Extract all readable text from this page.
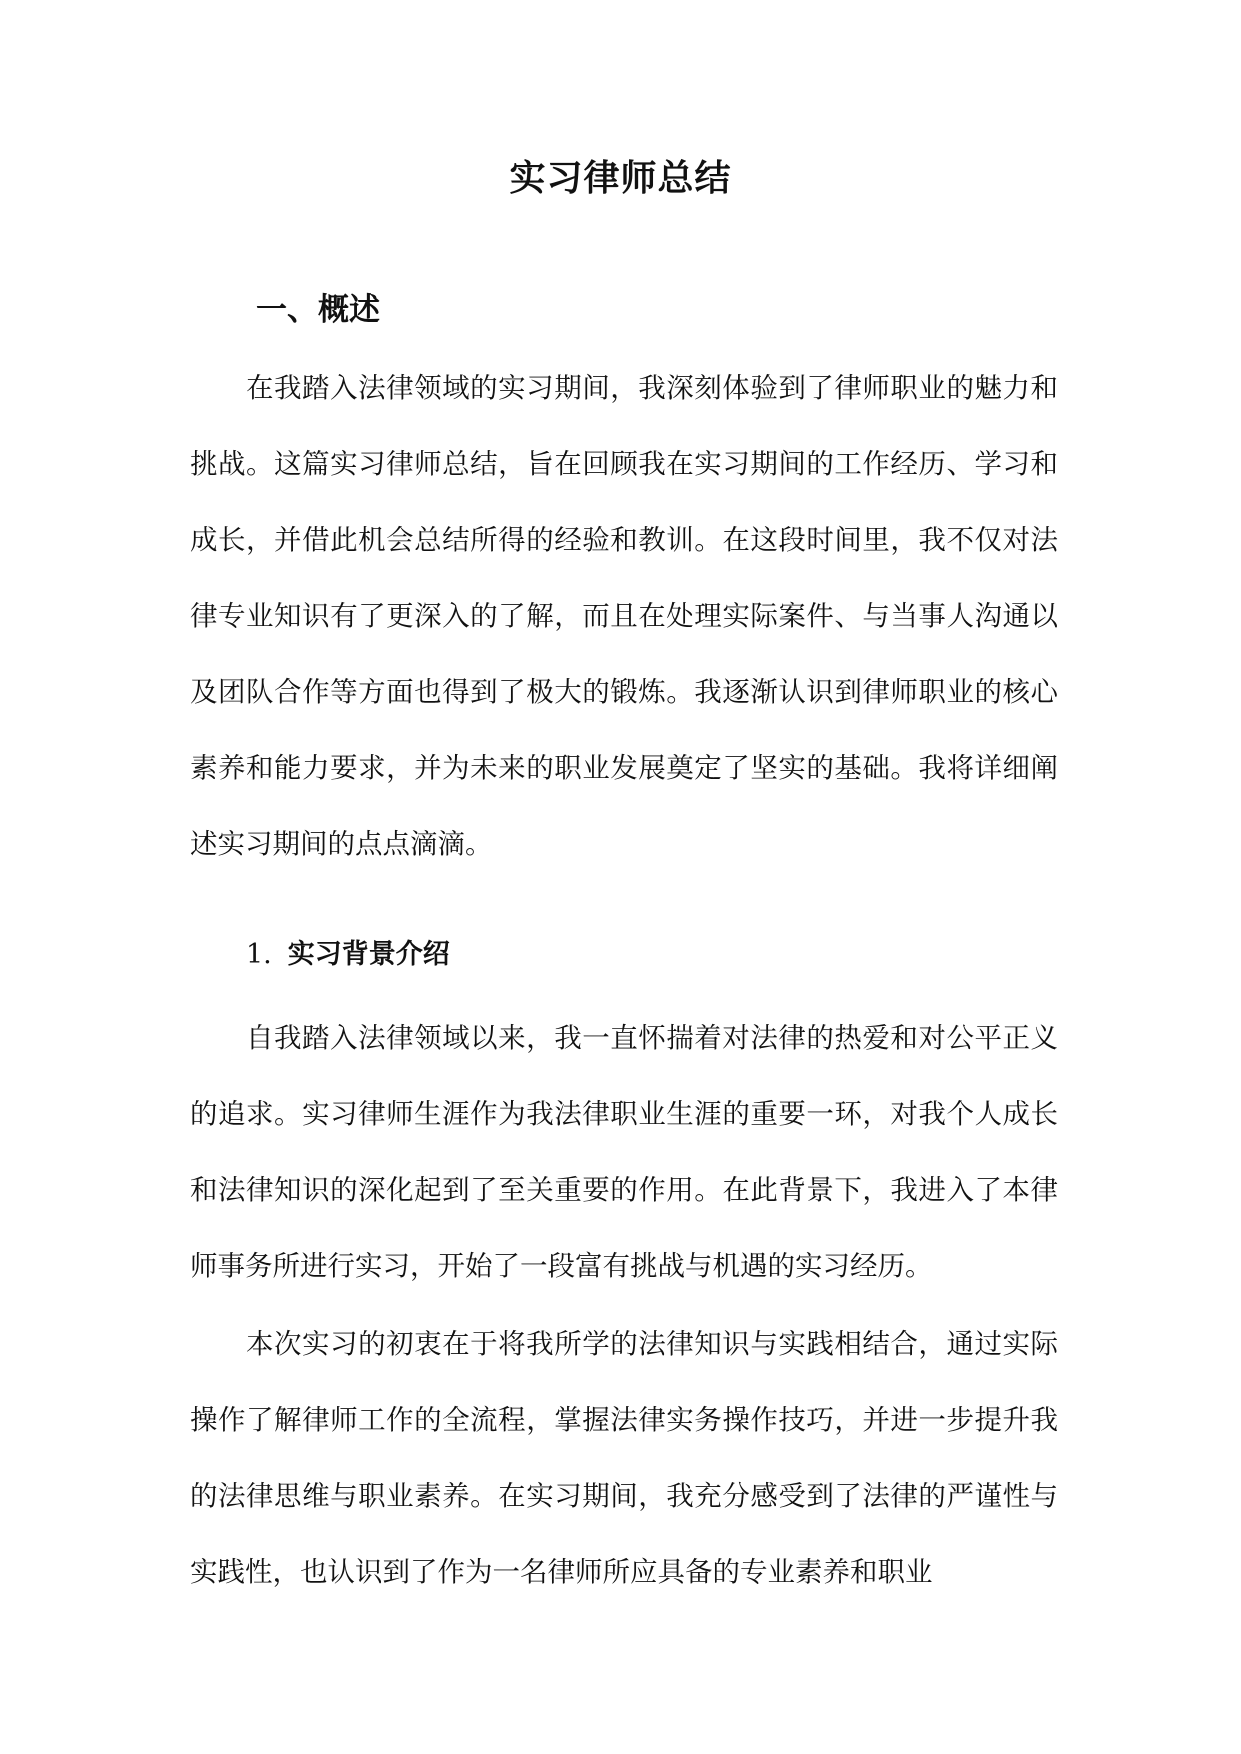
实习律师总结
一、概述

在我踏入法律领域的实习期间，我深刻体验到了律师职业的魅力和挑战。这篇实习律师总结，旨在回顾我在实习期间的工作经历、学习和成长，并借此机会总结所得的经验和教训。在这段时间里，我不仅对法律专业知识有了更深入的了解，而且在处理实际案件、与当事人沟通以及团队合作等方面也得到了极大的锻炼。我逐渐认识到律师职业的核心素养和能力要求，并为未来的职业发展奠定了坚实的基础。我将详细阐述实习期间的点点滴滴。

1. 实习背景介绍

自我踏入法律领域以来，我一直怀揣着对法律的热爱和对公平正义的追求。实习律师生涯作为我法律职业生涯的重要一环，对我个人成长和法律知识的深化起到了至关重要的作用。在此背景下，我进入了本律师事务所进行实习，开始了一段富有挑战与机遇的实习经历。

本次实习的初衷在于将我所学的法律知识与实践相结合，通过实际操作了解律师工作的全流程，掌握法律实务操作技巧，并进一步提升我的法律思维与职业素养。在实习期间，我充分感受到了法律的严谨性与实践性，也认识到了作为一名律师所应具备的专业素养和职业
